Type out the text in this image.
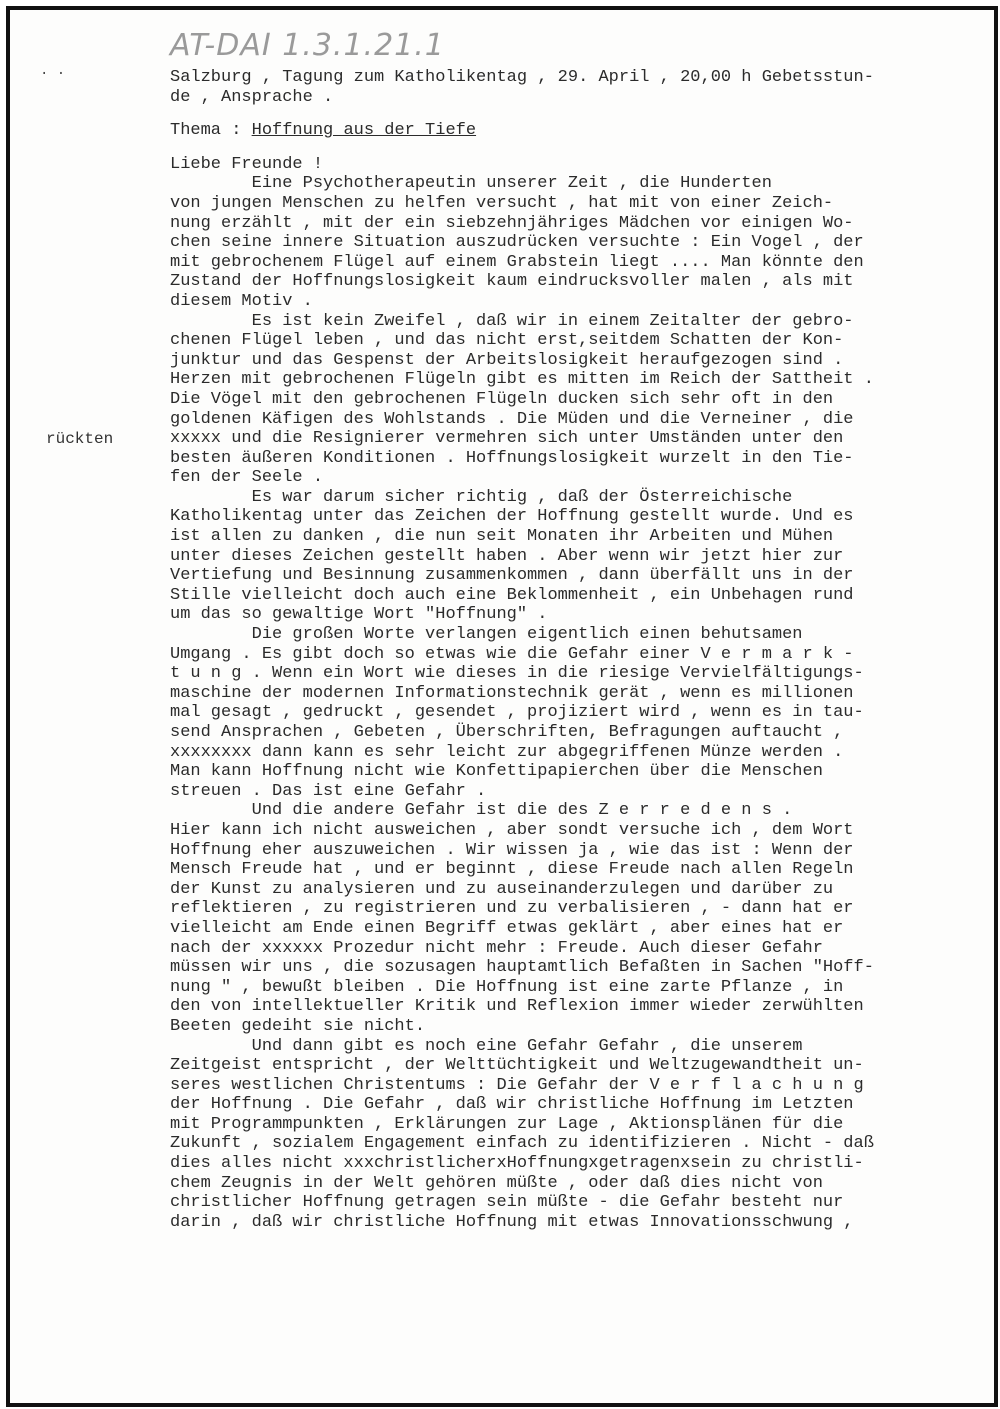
AT-DAI 1.3.1.21.1
· ·
rückten
Salzburg , Tagung zum Katholikentag , 29. April , 20,00 h Gebetsstun-
de , Ansprache .
Thema : Hoffnung aus der Tiefe
Liebe Freunde !
Eine Psychotherapeutin unserer Zeit , die Hunderten
von jungen Menschen zu helfen versucht , hat mit von einer Zeich-
nung erzählt , mit der ein siebzehnjähriges Mädchen vor einigen Wo-
chen seine innere Situation auszudrücken versuchte : Ein Vogel , der
mit gebrochenem Flügel auf einem Grabstein liegt .... Man könnte den
Zustand der Hoffnungslosigkeit kaum eindrucksvoller malen , als mit
diesem Motiv .
Es ist kein Zweifel , daß wir in einem Zeitalter der gebro-
chenen Flügel leben , und das nicht erst,seitdem Schatten der Kon-
junktur und das Gespenst der Arbeitslosigkeit heraufgezogen sind .
Herzen mit gebrochenen Flügeln gibt es mitten im Reich der Sattheit .
Die Vögel mit den gebrochenen Flügeln ducken sich sehr oft in den
goldenen Käfigen des Wohlstands . Die Müden und die Verneiner , die
xxxxx und die Resignierer vermehren sich unter Umständen unter den
besten äußeren Konditionen . Hoffnungslosigkeit wurzelt in den Tie-
fen der Seele .
Es war darum sicher richtig , daß der Österreichische
Katholikentag unter das Zeichen der Hoffnung gestellt wurde. Und es
ist allen zu danken , die nun seit Monaten ihr Arbeiten und Mühen
unter dieses Zeichen gestellt haben . Aber wenn wir jetzt hier zur
Vertiefung und Besinnung zusammenkommen , dann überfällt uns in der
Stille vielleicht doch auch eine Beklommenheit , ein Unbehagen rund
um das so gewaltige Wort "Hoffnung" .
Die großen Worte verlangen eigentlich einen behutsamen
Umgang . Es gibt doch so etwas wie die Gefahr einer V e r m a r k -
t u n g . Wenn ein Wort wie dieses in die riesige Vervielfältigungs-
maschine der modernen Informationstechnik gerät , wenn es millionen
mal gesagt , gedruckt , gesendet , projiziert wird , wenn es in tau-
send Ansprachen , Gebeten , Überschriften, Befragungen auftaucht ,
xxxxxxxx dann kann es sehr leicht zur abgegriffenen Münze werden .
Man kann Hoffnung nicht wie Konfettipapierchen über die Menschen
streuen . Das ist eine Gefahr .
Und die andere Gefahr ist die des Z e r r e d e n s .
Hier kann ich nicht ausweichen , aber sondt versuche ich , dem Wort
Hoffnung eher auszuweichen . Wir wissen ja , wie das ist : Wenn der
Mensch Freude hat , und er beginnt , diese Freude nach allen Regeln
der Kunst zu analysieren und zu auseinanderzulegen und darüber zu
reflektieren , zu registrieren und zu verbalisieren , - dann hat er
vielleicht am Ende einen Begriff etwas geklärt , aber eines hat er
nach der xxxxxx Prozedur nicht mehr : Freude. Auch dieser Gefahr
müssen wir uns , die sozusagen hauptamtlich Befaßten in Sachen "Hoff-
nung " , bewußt bleiben . Die Hoffnung ist eine zarte Pflanze , in
den von intellektueller Kritik und Reflexion immer wieder zerwühlten
Beeten gedeiht sie nicht.
Und dann gibt es noch eine Gefahr Gefahr , die unserem
Zeitgeist entspricht , der Welttüchtigkeit und Weltzugewandtheit un-
seres westlichen Christentums : Die Gefahr der V e r f l a c h u n g
der Hoffnung . Die Gefahr , daß wir christliche Hoffnung im Letzten
mit Programmpunkten , Erklärungen zur Lage , Aktionsplänen für die
Zukunft , sozialem Engagement einfach zu identifizieren . Nicht - daß
dies alles nicht xxxchristlicherxHoffnungxgetragenxsein zu christli-
chem Zeugnis in der Welt gehören müßte , oder daß dies nicht von
christlicher Hoffnung getragen sein müßte - die Gefahr besteht nur
darin , daß wir christliche Hoffnung mit etwas Innovationsschwung ,
